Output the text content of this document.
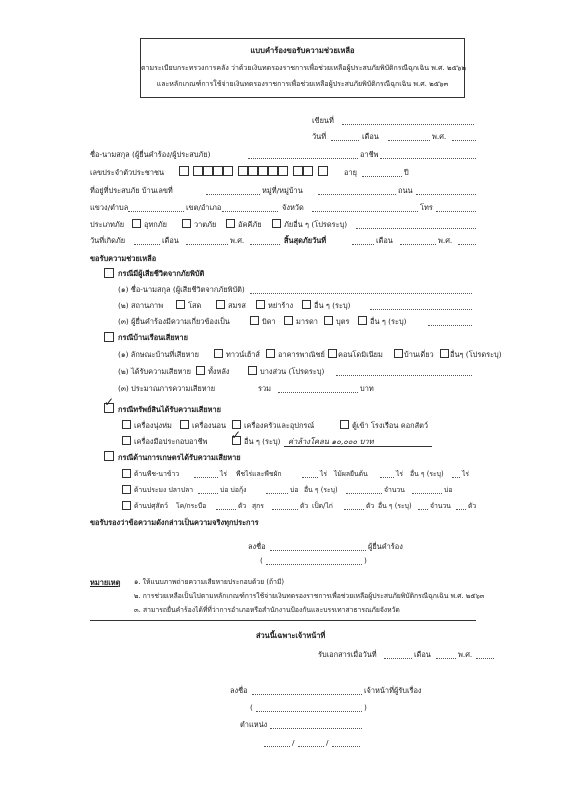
แบบคำร้องขอรับความช่วยเหลือ
ตามระเบียบกระทรวงการคลัง ว่าด้วยเงินทดรองราชการเพื่อช่วยเหลือผู้ประสบภัยพิบัติกรณีฉุกเฉิน พ.ศ. ๒๕๖๒
และหลักเกณฑ์การใช้จ่ายเงินทดรองราชการเพื่อช่วยเหลือผู้ประสบภัยพิบัติกรณีฉุกเฉิน พ.ศ. ๒๕๖๓
เขียนที่
วันที่	เดือน	พ.ศ.
ชื่อ-นามสกุล (ผู้ยื่นคำร้อง/ผู้ประสบภัย)	อาชีพ
เลขประจำตัวประชาชน	อายุ	ปี
ที่อยู่ที่ประสบภัย บ้านเลขที่	หมู่ที่/หมู่บ้าน	ถนน
แขวง/ตำบล	เขต/อำเภอ	จังหวัด	โทร
ประเภทภัย	อุทกภัย	วาตภัย	อัคคีภัย	ภัยอื่น ๆ (โปรดระบุ)
วันที่เกิดภัย	เดือน	พ.ศ.	สิ้นสุดภัยวันที่	เดือน	พ.ศ.
ขอรับความช่วยเหลือ
กรณีมีผู้เสียชีวิตจากภัยพิบัติ
(๑) ชื่อ-นามสกุล (ผู้เสียชีวิตจากภัยพิบัติ)
(๒) สถานภาพ	โสด	สมรส	หย่าร้าง	อื่น ๆ (ระบุ)
(๓) ผู้ยื่นคำร้องมีความเกี่ยวข้องเป็น	บิดา	มารดา บุตร	อื่น ๆ (ระบุ)
กรณีบ้านเรือนเสียหาย
(๑) ลักษณะบ้านที่เสียหาย	ทาวน์เฮ้าส์ อาคารพาณิชย์ คอนโดมิเนียม	บ้านเดี่ยว อื่นๆ (โปรดระบุ)
(๒) ได้รับความเสียหาย ทั้งหลัง	บางส่วน (โปรดระบุ)
(๓) ประมาณการความเสียหาย	รวม	บาท
✓
กรณีทรัพย์สินได้รับความเสียหาย
เครื่องนุ่งห่ม	เครื่องนอน เครื่องครัวและอุปกรณ์	ตู้เข้า โรงเรือน คอกสัตว์
เครื่องมือประกอบอาชีพ ✓ อื่น ๆ (ระบุ) ค่าล้างโคลน ๑๐,๐๐๐ บาท
กรณีด้านการเกษตรได้รับความเสียหาย
ด้านพืช-นาข้าว	ไร่ พืชไร่และพืชผัก	ไร่ ไม้ผลยืนต้น	ไร่ อื่น ๆ (ระบุ)	ไร่
ด้านประมง ปลาปลา	บ่อ บ่อกุ้ง	บ่อ อื่น ๆ (ระบุ)	จำนวน	บ่อ
ด้านปศุสัตว์ โค/กระบือ	ตัว สุกร	ตัว เป็ด/ไก่	ตัว อื่น ๆ (ระบุ)	จำนวน	ตัว
ขอรับรองว่าข้อความดังกล่าวเป็นความจริงทุกประการ
ลงชื่อ	ผู้ยื่นคำร้อง
(	)
หมายเหตุ ๑. ให้แนบภาพถ่ายความเสียหายประกอบด้วย (ถ้ามี)
๒. การช่วยเหลือเป็นไปตามหลักเกณฑ์การใช้จ่ายเงินทดรองราชการเพื่อช่วยเหลือผู้ประสบภัยพิบัติกรณีฉุกเฉิน พ.ศ. ๒๕๖๓
๓. สามารถยื่นคำร้องได้ที่ที่ว่าการอำเภอหรือสำนักงานป้องกันและบรรเทาสาธารณภัยจังหวัด
ส่วนนี้เฉพาะเจ้าหน้าที่
รับเอกสารเมื่อวันที่	เดือน	พ.ศ.
ลงชื่อ	เจ้าหน้าที่ผู้รับเรื่อง
(	)
ตำแหน่ง
/	/
